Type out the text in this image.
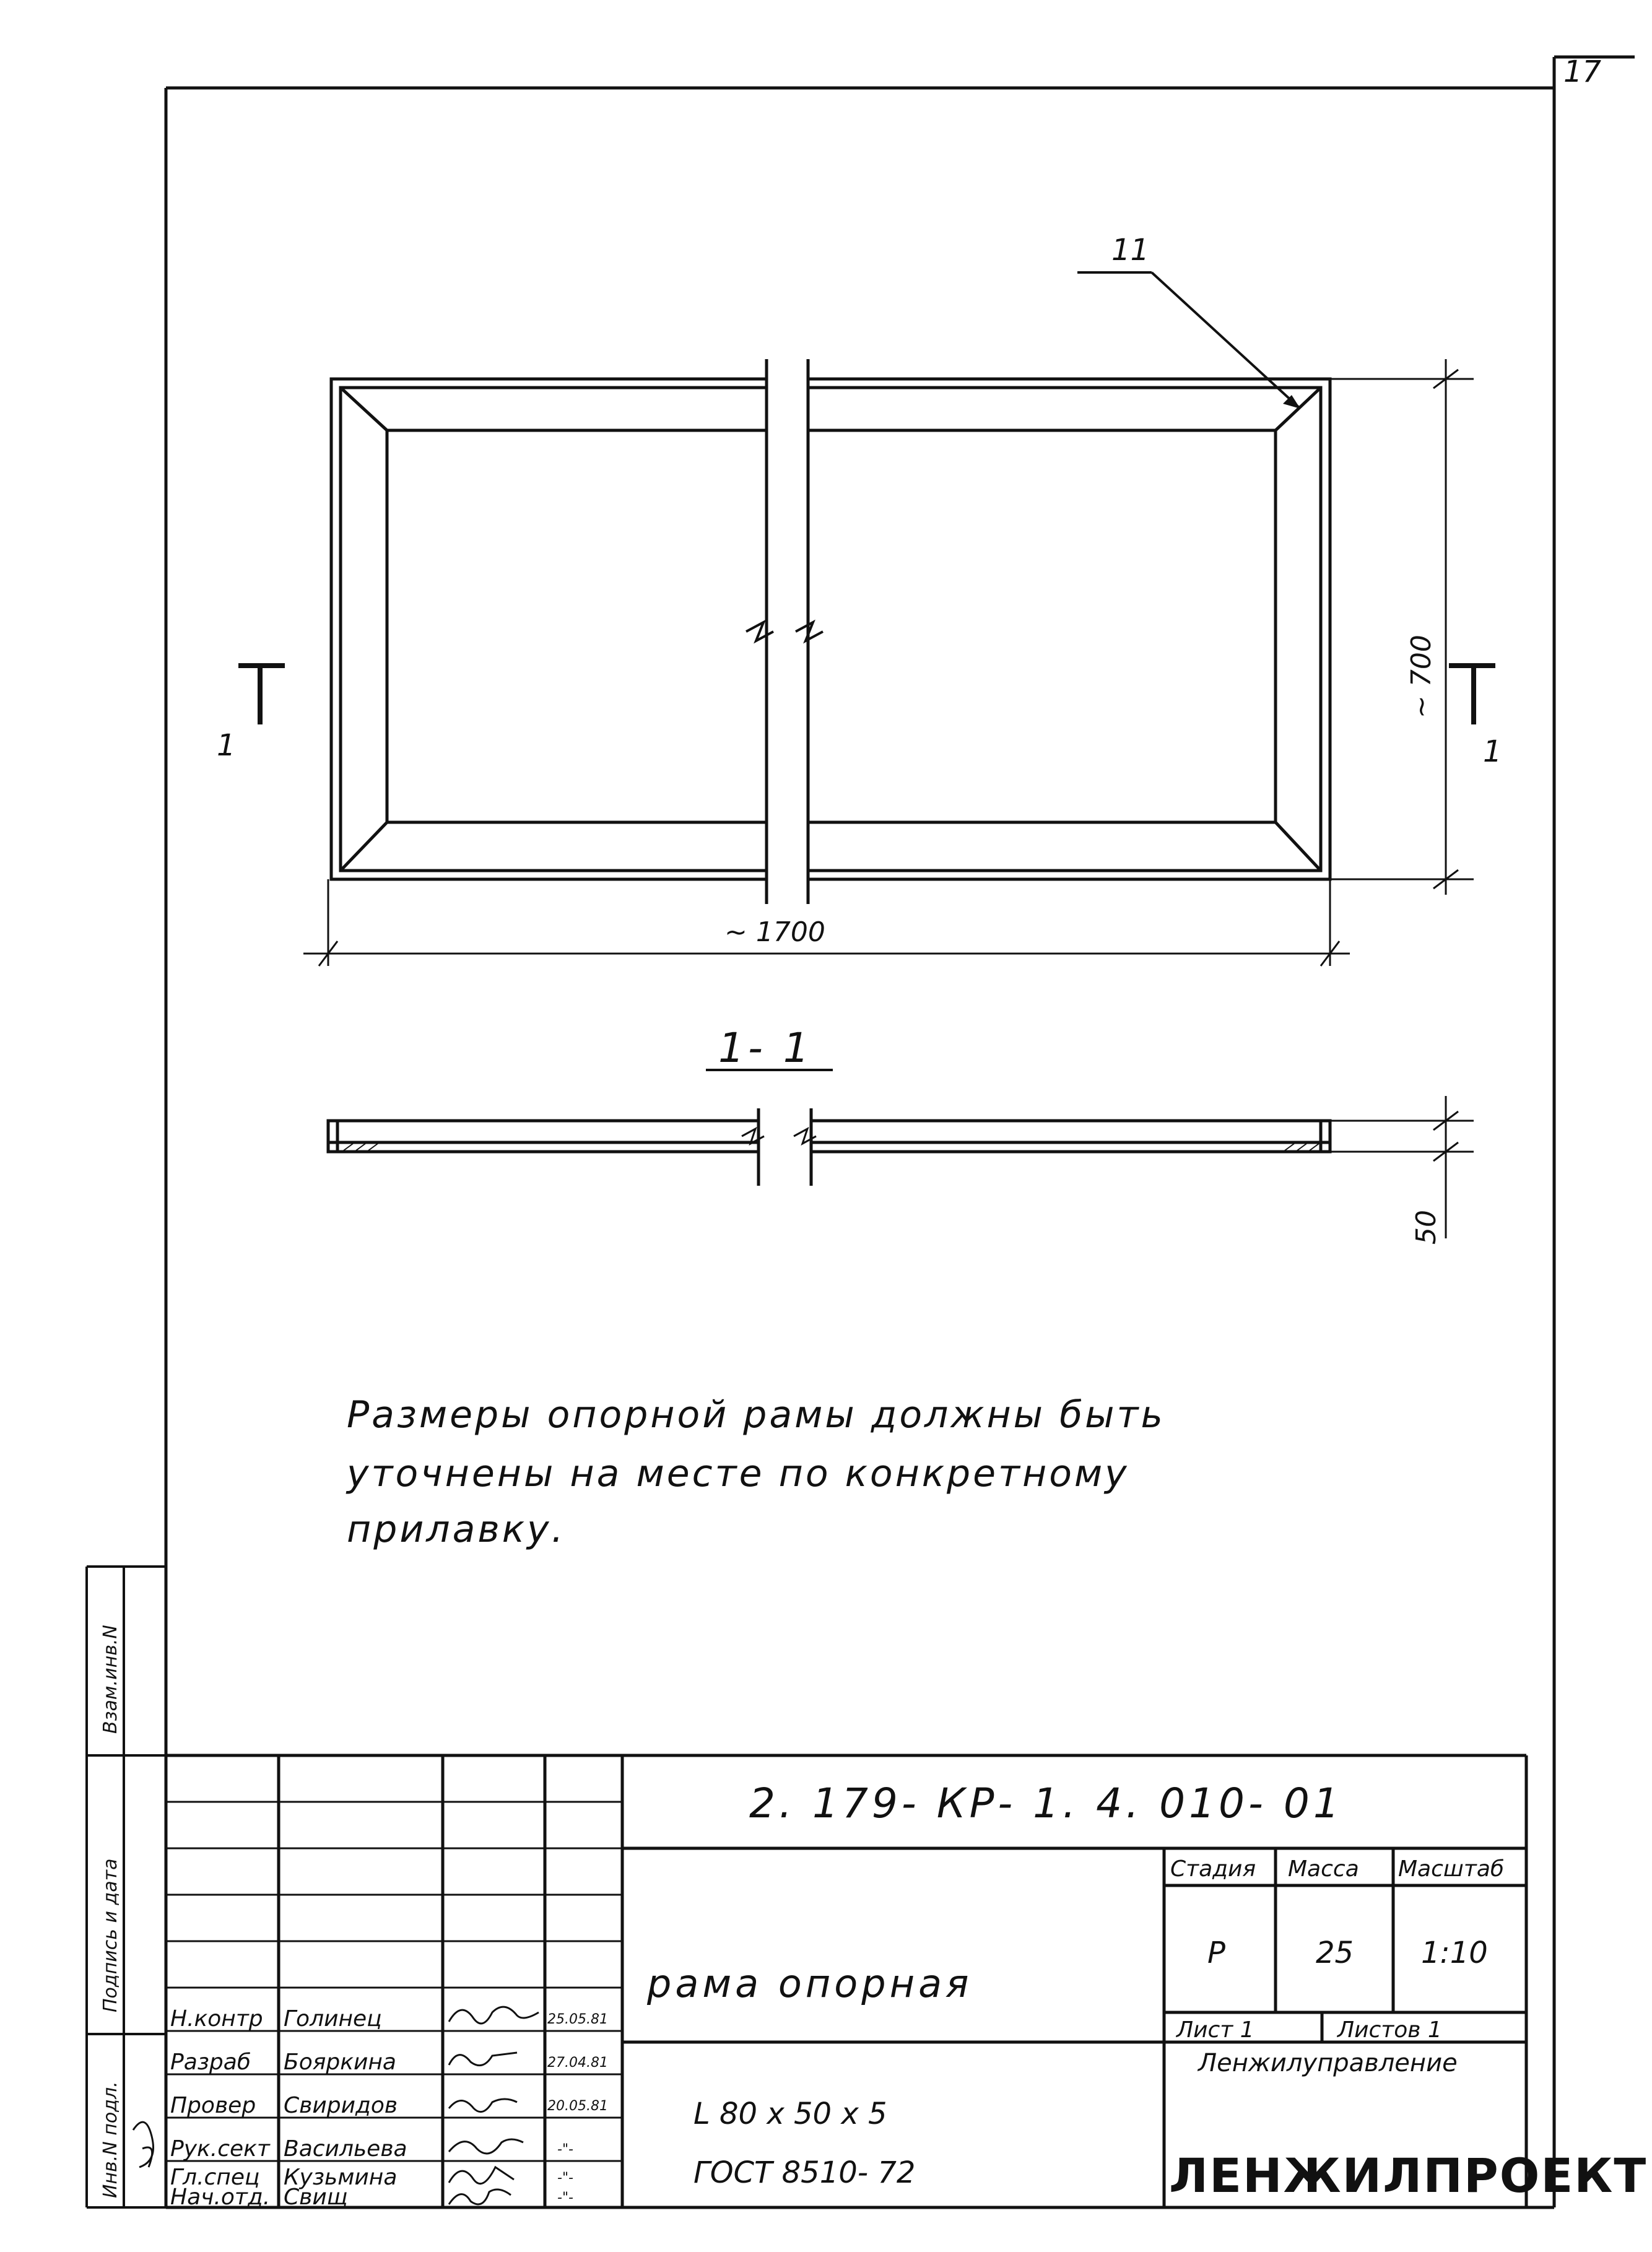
17
Взам.инв.N
Подпись и дата
Инв.N подл.
11
1	1
~ 1700
~ 700
1- 1
50
Размеры опорной рамы должны быть
уточнены на месте по конкретному
прилавку.
2. 179- КР- 1. 4. 010- 01
рама опорная
L 80 х 50 х 5
ГОСТ 8510- 72
Стадия Масса Масштаб
Р	25 1:10
Лист 1	Листов 1
Ленжилуправление
ЛЕНЖИЛПРОЕКТ
Н.контр Голинец	25.05.81
Разраб Бояркина	27.04.81
Провер Свиридов	20.05.81
Рук.сект Васильева	-"-
Гл.спец Кузьмина	-"-
Нач.отд. Свищ	-"-
